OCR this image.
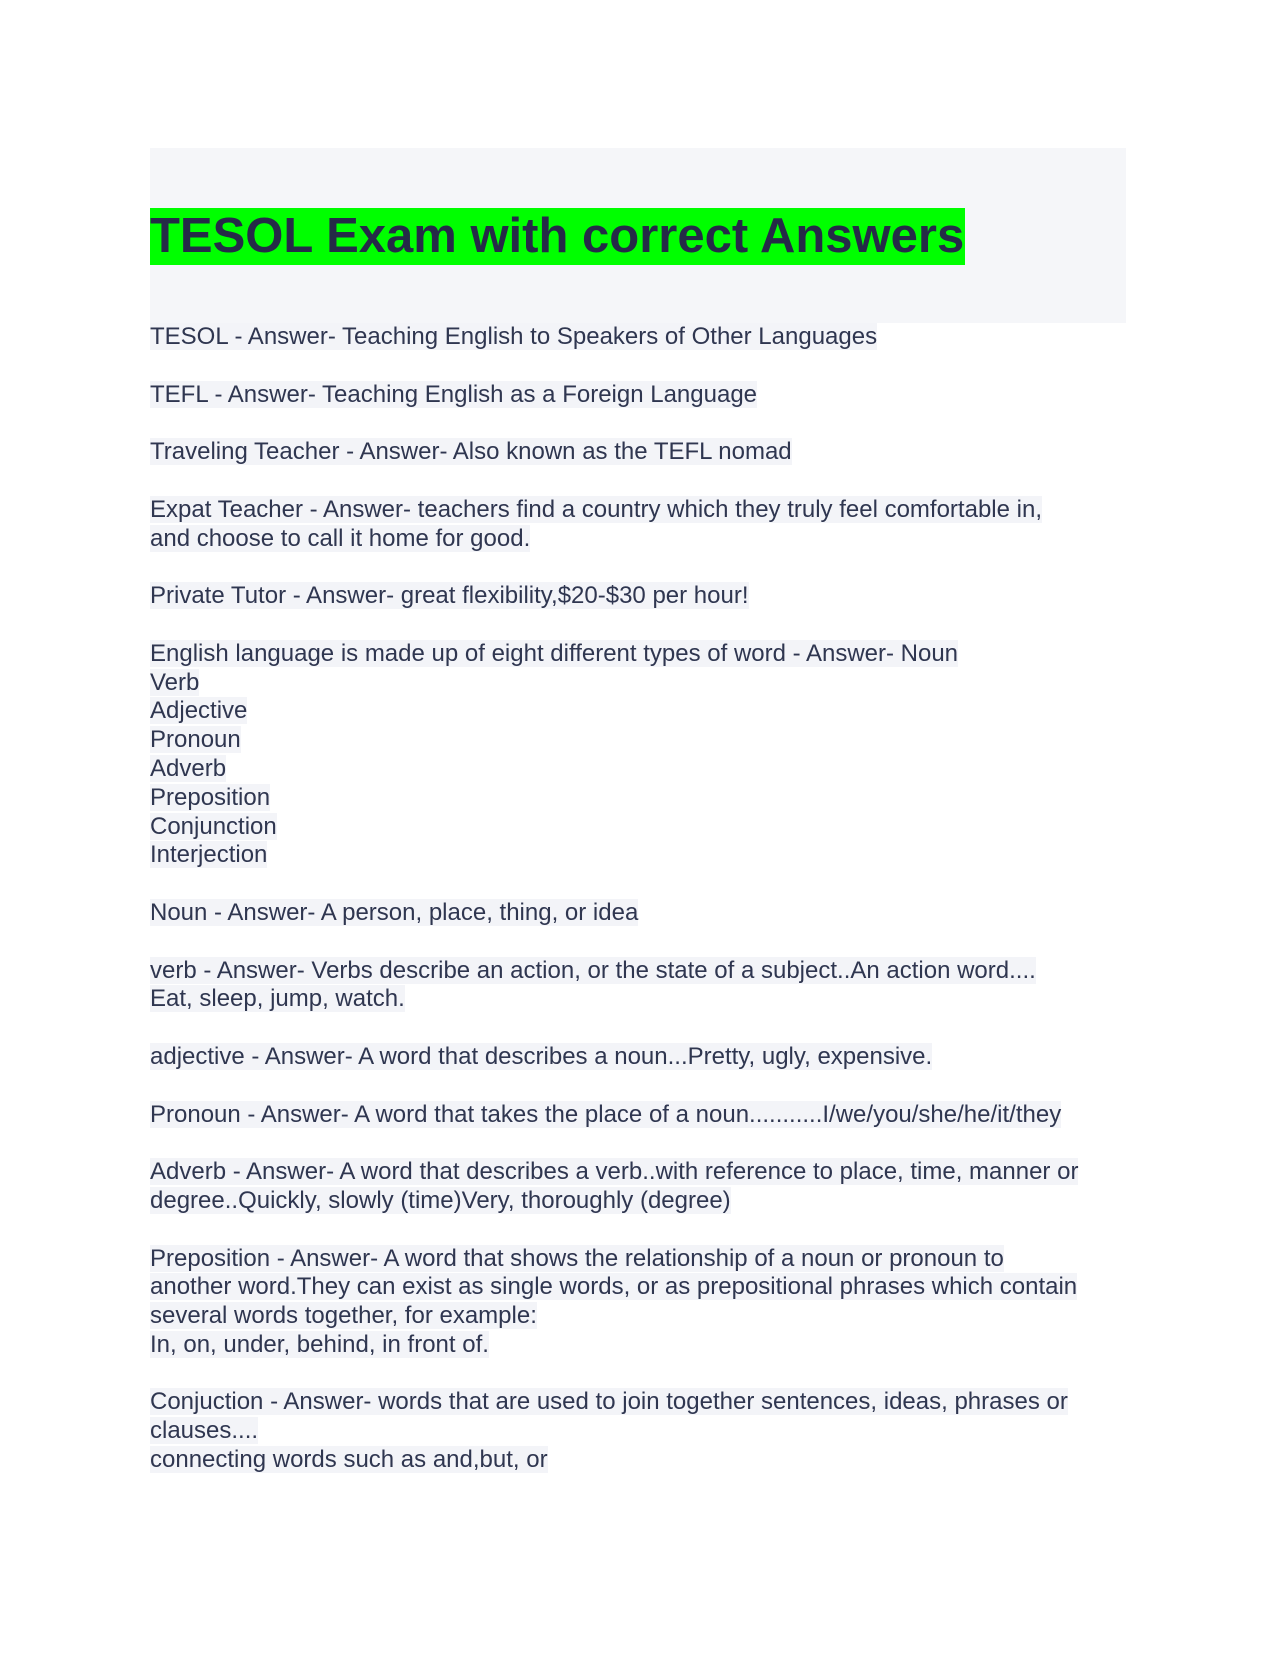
TESOL Exam with correct Answers

TESOL - Answer- Teaching English to Speakers of Other Languages

TEFL - Answer- Teaching English as a Foreign Language

Traveling Teacher - Answer- Also known as the TEFL nomad

Expat Teacher - Answer- teachers find a country which they truly feel comfortable in,
and choose to call it home for good.

Private Tutor - Answer- great flexibility,$20-$30 per hour!

English language is made up of eight different types of word - Answer- Noun
Verb
Adjective
Pronoun
Adverb
Preposition
Conjunction
Interjection

Noun - Answer- A person, place, thing, or idea

verb - Answer- Verbs describe an action, or the state of a subject..An action word....
Eat, sleep, jump, watch.

adjective - Answer- A word that describes a noun...Pretty, ugly, expensive.

Pronoun - Answer- A word that takes the place of a noun...........I/we/you/she/he/it/they

Adverb - Answer- A word that describes a verb..with reference to place, time, manner or
degree..Quickly, slowly (time)Very, thoroughly (degree)

Preposition - Answer- A word that shows the relationship of a noun or pronoun to
another word.They can exist as single words, or as prepositional phrases which contain
several words together, for example:
In, on, under, behind, in front of.

Conjuction - Answer- words that are used to join together sentences, ideas, phrases or
clauses....
connecting words such as and,but, or
